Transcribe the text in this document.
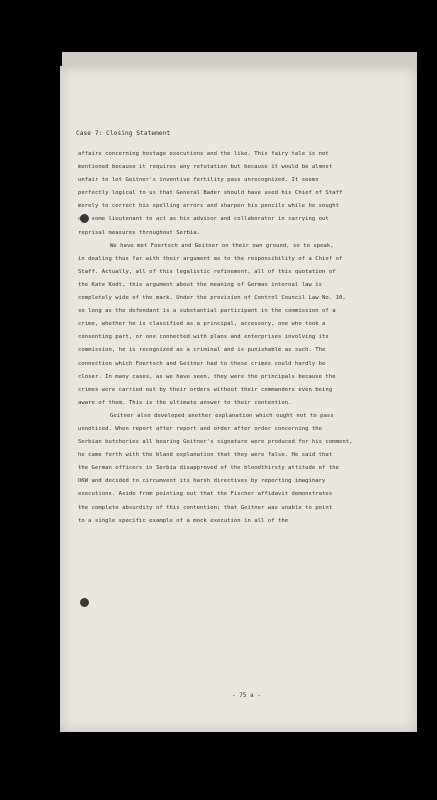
Case 7: Closing Statement

affairs concerning hostage executions and the like. This fairy tale is not
mentioned because it requires any refutation but because it would be almost
unfair to let Geitner's inventive fertility pass unrecognized. It seems
perfectly logical to us that General Bader should have used his Chief of Staff
merely to correct his spelling errors and sharpen his pencils while he sought
out some lieutenant to act as his advisor and collaborator in carrying out
reprisal measures throughout Serbia.

We have met Foertsch and Geitner on their own ground, so to speak,
in dealing thus far with their argument as to the responsibility of a Chief of
Staff. Actually, all of this legalistic refinement, all of this quotation of
the Kate Kodt, this argument about the meaning of German internal law is
completely wide of the mark. Under the provision of Control Council Law No. 10,
so long as the defendant is a substantial participant in the commission of a
crime, whether he is classified as a principal, accessory, one who took a
consenting part, or one connected with plans and enterprises involving its
commission, he is recognized as a criminal and is punishable as such. The
connection which Foertsch and Geitner had to these crimes could hardly be
closer. In many cases, as we have seen, they were the principals because the
crimes were carried out by their orders without their commanders even being
aware of them. This is the ultimate answer to their contention.

Geitner also developed another explanation which ought not to pass
unnoticed. When report after report and order after order concerning the
Serbian butcheries all bearing Geitner's signature were produced for his comment,
he came forth with the bland explanation that they were false. He said that
the German officers in Serbia disapproved of the bloodthirsty attitude of the
OKW and decided to circumvent its harsh directives by reporting imaginary
executions. Aside from pointing out that the Fischer affidavit demonstrates
the complete absurdity of this contention; that Geitner was unable to point
to a single specific example of a mock execution in all of the

- 75 a -
